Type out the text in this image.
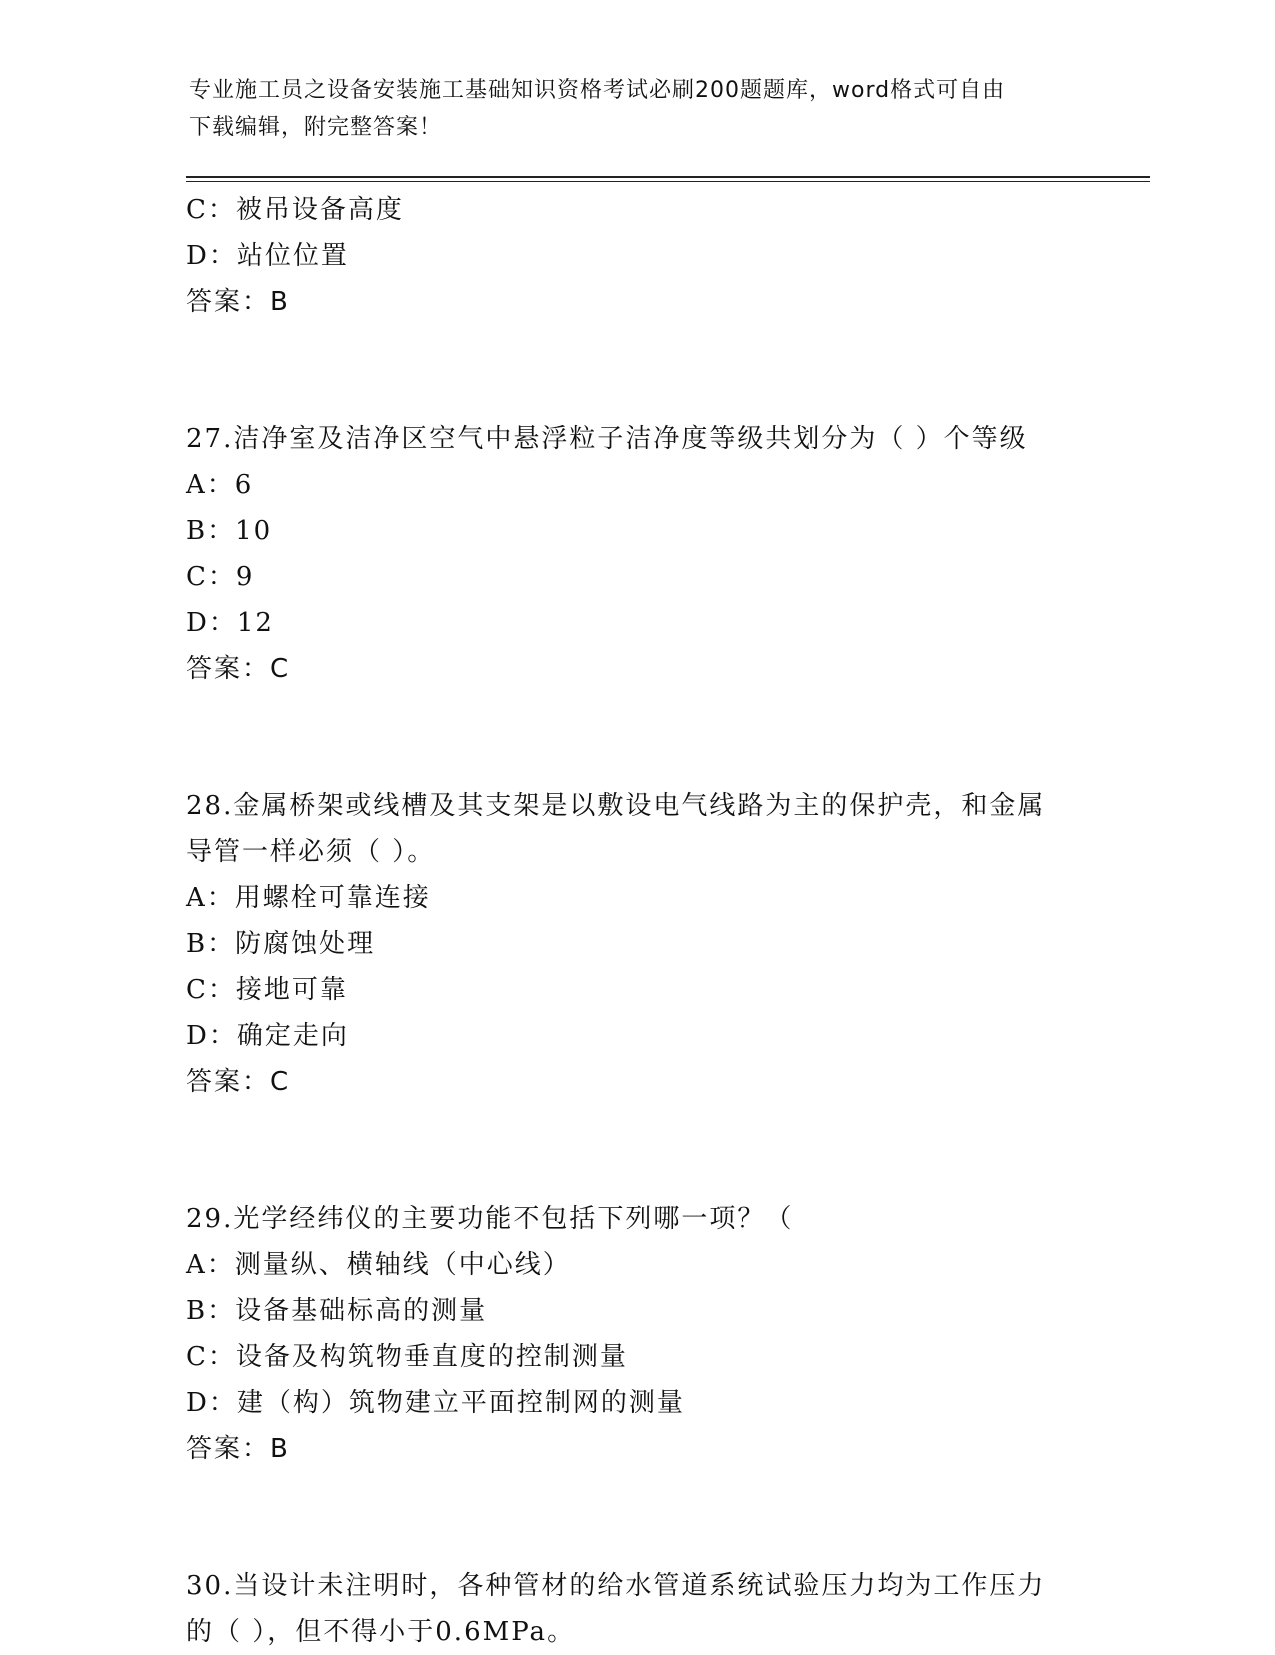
专业施工员之设备安装施工基础知识资格考试必刷200题题库，word格式可自由
下载编辑，附完整答案！
C：被吊设备高度
D：站位位置
答案：B
27.洁净室及洁净区空气中悬浮粒子洁净度等级共划分为（ ）个等级
A：6
B：10
C：9
D：12
答案：C
28.金属桥架或线槽及其支架是以敷设电气线路为主的保护壳，和金属
导管一样必须（ ）。
A：用螺栓可靠连接
B：防腐蚀处理
C：接地可靠
D：确定走向
答案：C
29.光学经纬仪的主要功能不包括下列哪一项？（
A：测量纵、横轴线（中心线）
B：设备基础标高的测量
C：设备及构筑物垂直度的控制测量
D：建（构）筑物建立平面控制网的测量
答案：B
30.当设计未注明时，各种管材的给水管道系统试验压力均为工作压力
的（ ），但不得小于0.6MPa。
